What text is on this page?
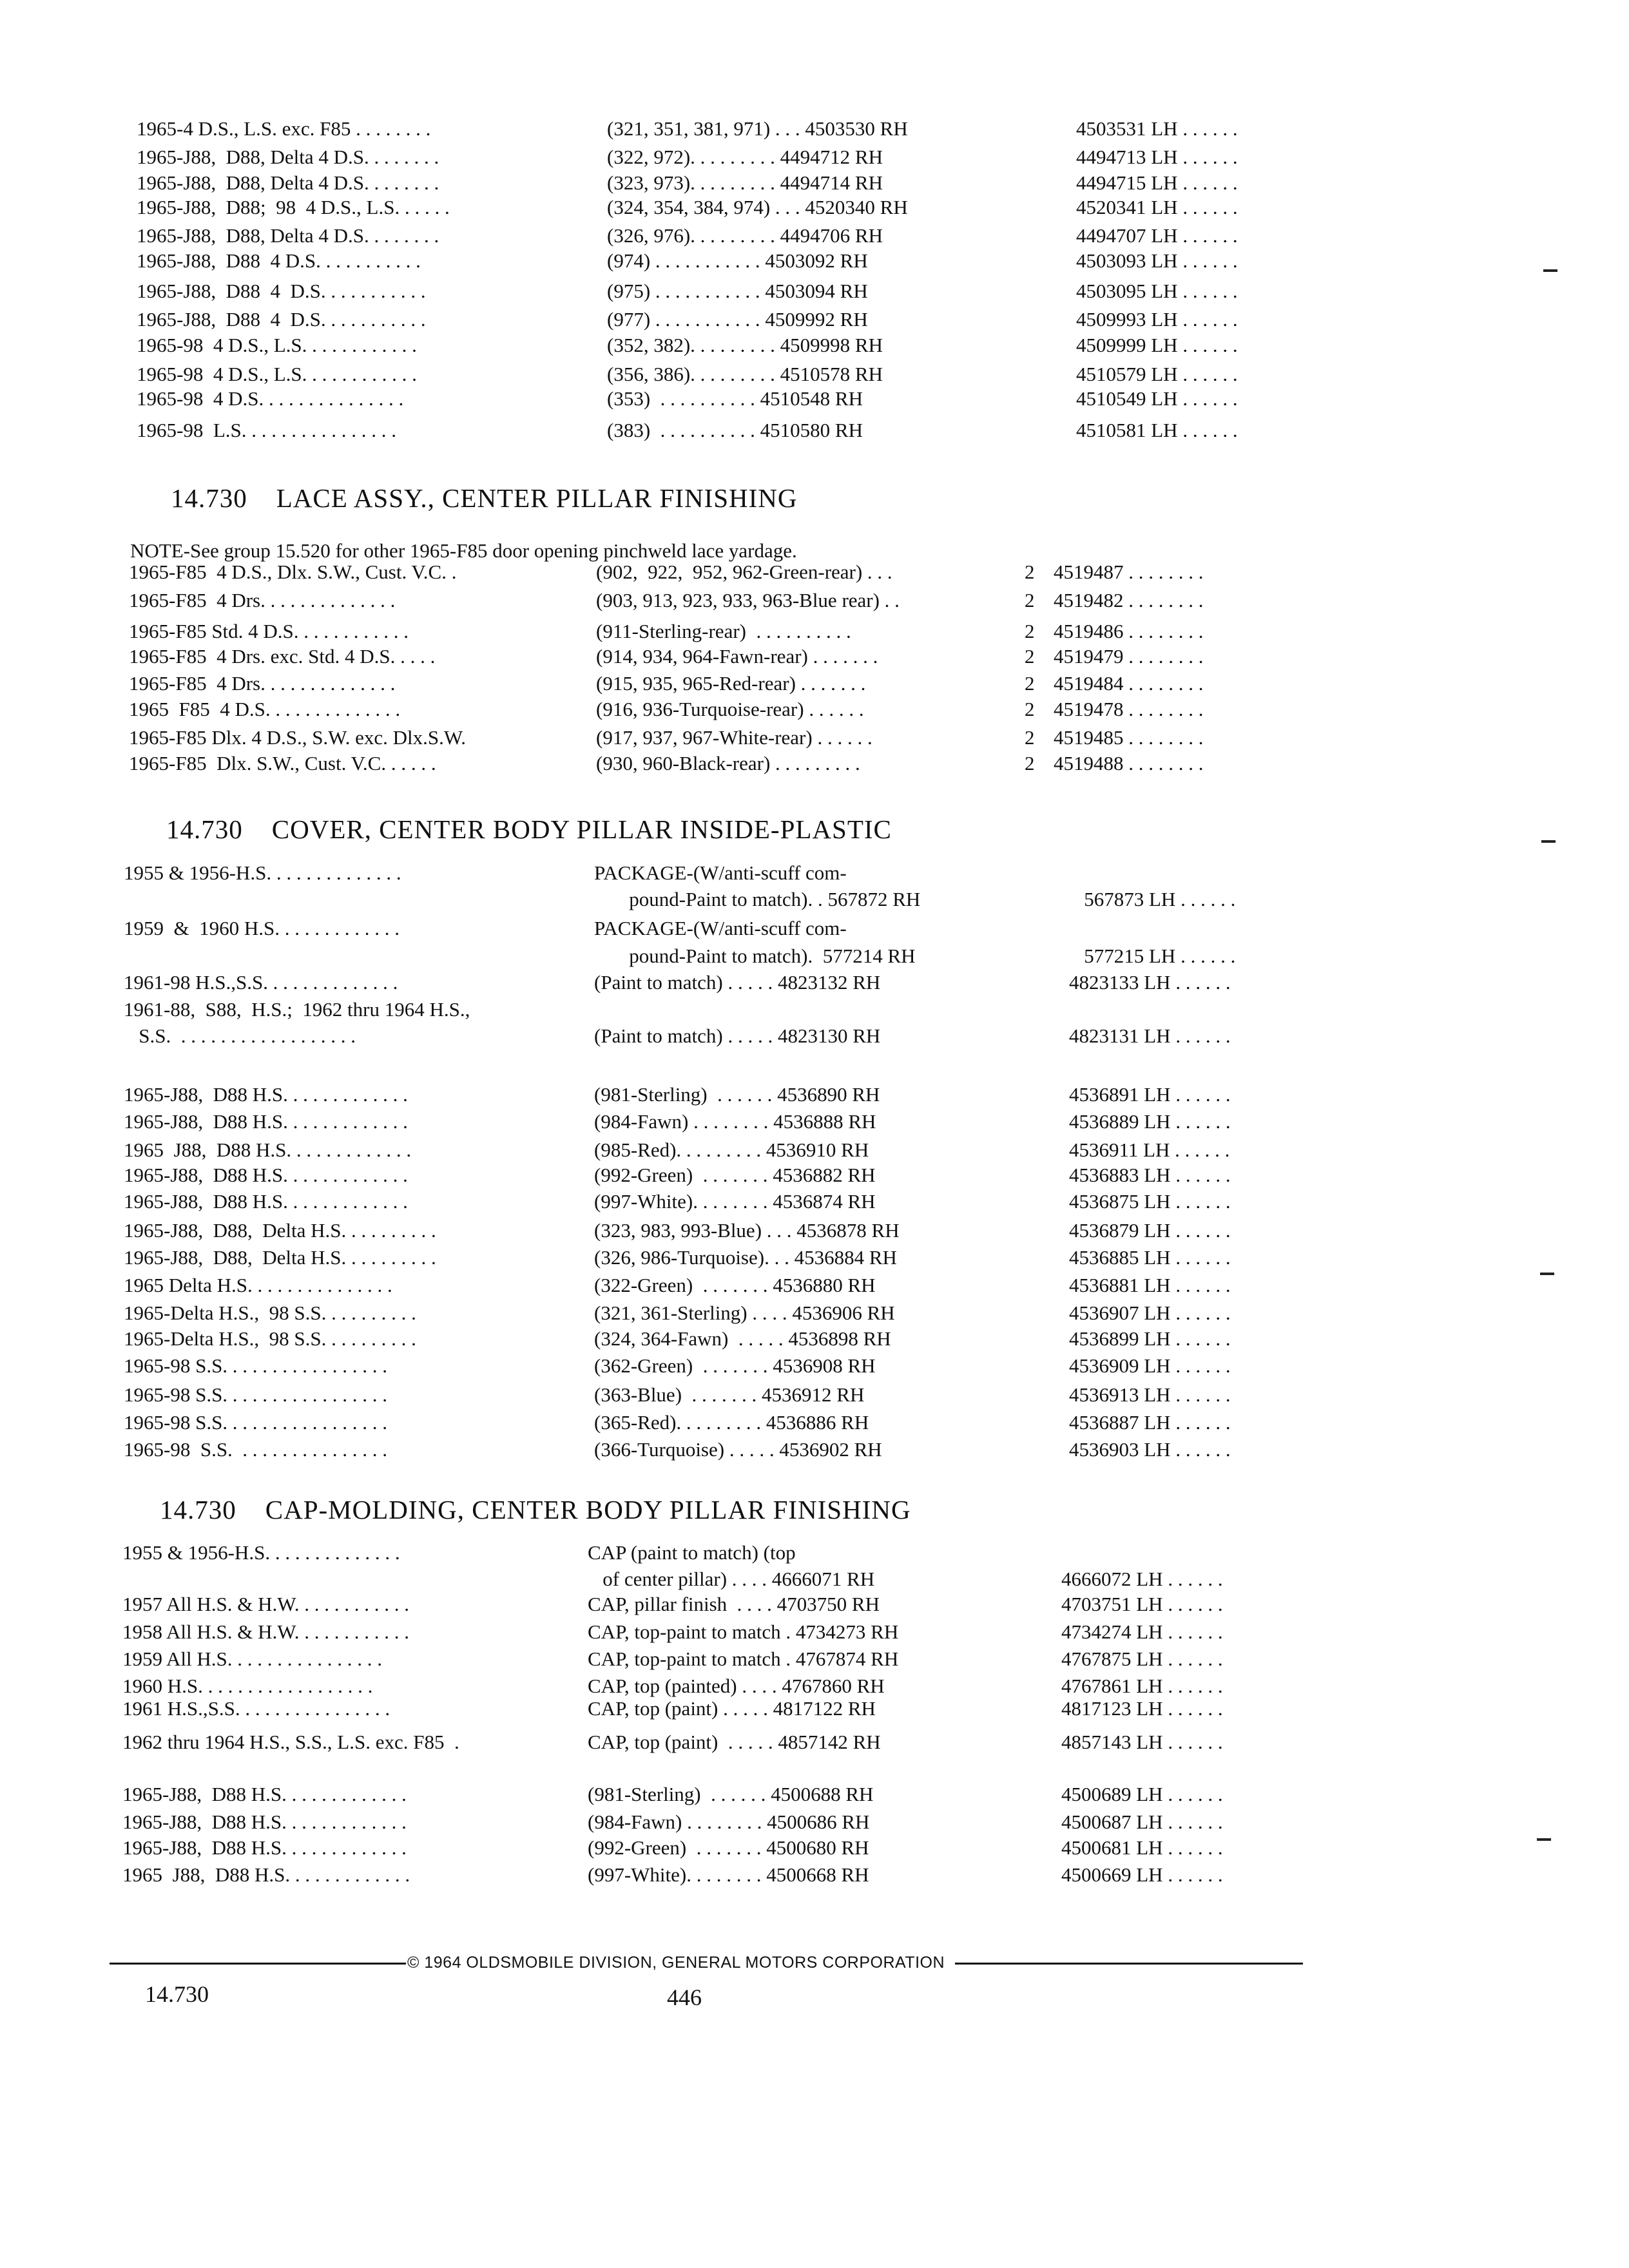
1965-4 D.S., L.S. exc. F85 . . . . . . . .	(321, 351, 381, 971) . . . 4503530 RH	4503531 LH . . . . . .
1965-J88,  D88, Delta 4 D.S. . . . . . . .	(322, 972). . . . . . . . . 4494712 RH	4494713 LH . . . . . .
1965-J88,  D88, Delta 4 D.S. . . . . . . .	(323, 973). . . . . . . . . 4494714 RH	4494715 LH . . . . . .
1965-J88,  D88;  98  4 D.S., L.S. . . . . .	(324, 354, 384, 974) . . . 4520340 RH	4520341 LH . . . . . .
1965-J88,  D88, Delta 4 D.S. . . . . . . .	(326, 976). . . . . . . . . 4494706 RH	4494707 LH . . . . . .
1965-J88,  D88  4 D.S. . . . . . . . . . .	(974) . . . . . . . . . . . 4503092 RH	4503093 LH . . . . . .
1965-J88,  D88  4  D.S. . . . . . . . . . .	(975) . . . . . . . . . . . 4503094 RH	4503095 LH . . . . . .
1965-J88,  D88  4  D.S. . . . . . . . . . .	(977) . . . . . . . . . . . 4509992 RH	4509993 LH . . . . . .
1965-98  4 D.S., L.S. . . . . . . . . . . .	(352, 382). . . . . . . . . 4509998 RH	4509999 LH . . . . . .
1965-98  4 D.S., L.S. . . . . . . . . . . .	(356, 386). . . . . . . . . 4510578 RH	4510579 LH . . . . . .
1965-98  4 D.S. . . . . . . . . . . . . . .	(353)  . . . . . . . . . . 4510548 RH	4510549 LH . . . . . .
1965-98  L.S. . . . . . . . . . . . . . . .	(383)  . . . . . . . . . . 4510580 RH	4510581 LH . . . . . .
14.730    LACE ASSY., CENTER PILLAR FINISHING
NOTE-See group 15.520 for other 1965-F85 door opening pinchweld lace yardage.
1965-F85  4 D.S., Dlx. S.W., Cust. V.C. .	(902,  922,  952, 962-Green-rear) . . .	2 4519487 . . . . . . . .
1965-F85  4 Drs. . . . . . . . . . . . . .	(903, 913, 923, 933, 963-Blue rear) . .	2 4519482 . . . . . . . .
1965-F85 Std. 4 D.S. . . . . . . . . . . .	(911-Sterling-rear)  . . . . . . . . . .	2 4519486 . . . . . . . .
1965-F85  4 Drs. exc. Std. 4 D.S. . . . .	(914, 934, 964-Fawn-rear) . . . . . . .	2 4519479 . . . . . . . .
1965-F85  4 Drs. . . . . . . . . . . . . .	(915, 935, 965-Red-rear) . . . . . . .	2 4519484 . . . . . . . .
1965  F85  4 D.S. . . . . . . . . . . . . .	(916, 936-Turquoise-rear) . . . . . .	2 4519478 . . . . . . . .
1965-F85 Dlx. 4 D.S., S.W. exc. Dlx.S.W.	(917, 937, 967-White-rear) . . . . . .	2 4519485 . . . . . . . .
1965-F85  Dlx. S.W., Cust. V.C. . . . . .	(930, 960-Black-rear) . . . . . . . . .	2 4519488 . . . . . . . .
14.730    COVER, CENTER BODY PILLAR INSIDE-PLASTIC
1955 & 1956-H.S. . . . . . . . . . . . . .	PACKAGE-(W/anti-scuff com-
pound-Paint to match). . 567872 RH	567873 LH . . . . . .
1959  &  1960 H.S. . . . . . . . . . . . .	PACKAGE-(W/anti-scuff com-
pound-Paint to match).  577214 RH	577215 LH . . . . . .
1961-98 H.S.,S.S. . . . . . . . . . . . . .	(Paint to match) . . . . . 4823132 RH	4823133 LH . . . . . .
1961-88,  S88,  H.S.;  1962 thru 1964 H.S.,
S.S.  . . . . . . . . . . . . . . . . . .	(Paint to match) . . . . . 4823130 RH	4823131 LH . . . . . .
1965-J88,  D88 H.S. . . . . . . . . . . . .	(981-Sterling)  . . . . . . 4536890 RH	4536891 LH . . . . . .
1965-J88,  D88 H.S. . . . . . . . . . . . .	(984-Fawn) . . . . . . . . 4536888 RH	4536889 LH . . . . . .
1965  J88,  D88 H.S. . . . . . . . . . . . .	(985-Red). . . . . . . . . 4536910 RH	4536911 LH . . . . . .
1965-J88,  D88 H.S. . . . . . . . . . . . .	(992-Green)  . . . . . . . 4536882 RH	4536883 LH . . . . . .
1965-J88,  D88 H.S. . . . . . . . . . . . .	(997-White). . . . . . . . 4536874 RH	4536875 LH . . . . . .
1965-J88,  D88,  Delta H.S. . . . . . . . . .	(323, 983, 993-Blue) . . . 4536878 RH	4536879 LH . . . . . .
1965-J88,  D88,  Delta H.S. . . . . . . . . .	(326, 986-Turquoise). . . 4536884 RH	4536885 LH . . . . . .
1965 Delta H.S. . . . . . . . . . . . . . .	(322-Green)  . . . . . . . 4536880 RH	4536881 LH . . . . . .
1965-Delta H.S.,  98 S.S. . . . . . . . . .	(321, 361-Sterling) . . . . 4536906 RH	4536907 LH . . . . . .
1965-Delta H.S.,  98 S.S. . . . . . . . . .	(324, 364-Fawn)  . . . . . 4536898 RH	4536899 LH . . . . . .
1965-98 S.S. . . . . . . . . . . . . . . . .	(362-Green)  . . . . . . . 4536908 RH	4536909 LH . . . . . .
1965-98 S.S. . . . . . . . . . . . . . . . .	(363-Blue)  . . . . . . . 4536912 RH	4536913 LH . . . . . .
1965-98 S.S. . . . . . . . . . . . . . . . .	(365-Red). . . . . . . . . 4536886 RH	4536887 LH . . . . . .
1965-98  S.S.  . . . . . . . . . . . . . . .	(366-Turquoise) . . . . . 4536902 RH	4536903 LH . . . . . .
14.730    CAP-MOLDING, CENTER BODY PILLAR FINISHING
1955 & 1956-H.S. . . . . . . . . . . . . .	CAP (paint to match) (top
of center pillar) . . . . 4666071 RH	4666072 LH . . . . . .
1957 All H.S. & H.W. . . . . . . . . . . .	CAP, pillar finish  . . . . 4703750 RH	4703751 LH . . . . . .
1958 All H.S. & H.W. . . . . . . . . . . .	CAP, top-paint to match . 4734273 RH	4734274 LH . . . . . .
1959 All H.S. . . . . . . . . . . . . . . .	CAP, top-paint to match . 4767874 RH	4767875 LH . . . . . .
1960 H.S. . . . . . . . . . . . . . . . . .	CAP, top (painted) . . . . 4767860 RH	4767861 LH . . . . . .
1961 H.S.,S.S. . . . . . . . . . . . . . . .	CAP, top (paint) . . . . . 4817122 RH	4817123 LH . . . . . .
1962 thru 1964 H.S., S.S., L.S. exc. F85  .	CAP, top (paint)  . . . . . 4857142 RH	4857143 LH . . . . . .
1965-J88,  D88 H.S. . . . . . . . . . . . .	(981-Sterling)  . . . . . . 4500688 RH	4500689 LH . . . . . .
1965-J88,  D88 H.S. . . . . . . . . . . . .	(984-Fawn) . . . . . . . . 4500686 RH	4500687 LH . . . . . .
1965-J88,  D88 H.S. . . . . . . . . . . . .	(992-Green)  . . . . . . . 4500680 RH	4500681 LH . . . . . .
1965  J88,  D88 H.S. . . . . . . . . . . . .	(997-White). . . . . . . . 4500668 RH	4500669 LH . . . . . .
© 1964 OLDSMOBILE DIVISION, GENERAL MOTORS CORPORATION
14.730	446
